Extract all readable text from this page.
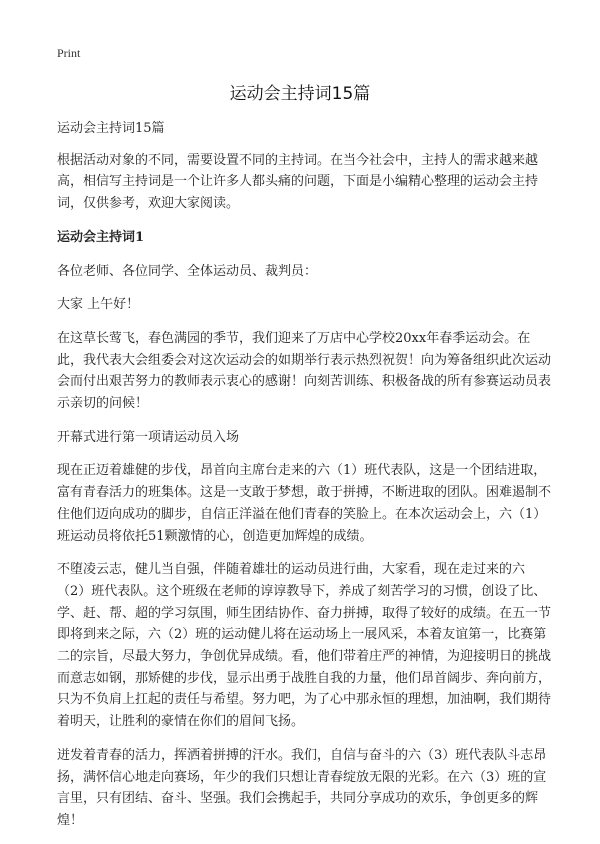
Print
运动会主持词15篇

运动会主持词15篇

根据活动对象的不同，需要设置不同的主持词。在当今社会中，主持人的需求越来越高，相信写主持词是一个让许多人都头痛的问题，下面是小编精心整理的运动会主持词，仅供参考，欢迎大家阅读。

运动会主持词1

各位老师、各位同学、全体运动员、裁判员：

大家 上午好！

在这草长莺飞，春色满园的季节，我们迎来了万店中心学校20xx年春季运动会。在此，我代表大会组委会对这次运动会的如期举行表示热烈祝贺！向为筹备组织此次运动会而付出艰苦努力的教师表示衷心的感谢！向刻苦训练、积极备战的所有参赛运动员表示亲切的问候！

开幕式进行第一项请运动员入场

现在正迈着雄健的步伐，昂首向主席台走来的六（1）班代表队，这是一个团结进取，富有青春活力的班集体。这是一支敢于梦想，敢于拼搏，不断进取的团队。困难遏制不住他们迈向成功的脚步，自信正洋溢在他们青春的笑脸上。在本次运动会上，六（1）班运动员将依托51颗激情的心，创造更加辉煌的成绩。

不堕凌云志，健儿当自强，伴随着雄壮的运动员进行曲，大家看，现在走过来的六（2）班代表队。这个班级在老师的谆谆教导下，养成了刻苦学习的习惯，创设了比、学、赶、帮、超的学习氛围，师生团结协作、奋力拼搏，取得了较好的成绩。在五一节即将到来之际，六（2）班的运动健儿将在运动场上一展风采，本着友谊第一，比赛第二的宗旨，尽最大努力，争创优异成绩。看，他们带着庄严的神情，为迎接明日的挑战而意志如钢，那矫健的步伐，显示出勇于战胜自我的力量，他们昂首阔步、奔向前方，只为不负肩上扛起的责任与希望。努力吧，为了心中那永恒的理想，加油啊，我们期待着明天，让胜利的豪情在你们的眉间飞扬。

迸发着青春的活力，挥洒着拼搏的汗水。我们，自信与奋斗的六（3）班代表队斗志昂扬，满怀信心地走向赛场，年少的我们只想让青春绽放无限的光彩。在六（3）班的宣言里，只有团结、奋斗、坚强。我们会携起手，共同分享成功的欢乐，争创更多的辉煌！
